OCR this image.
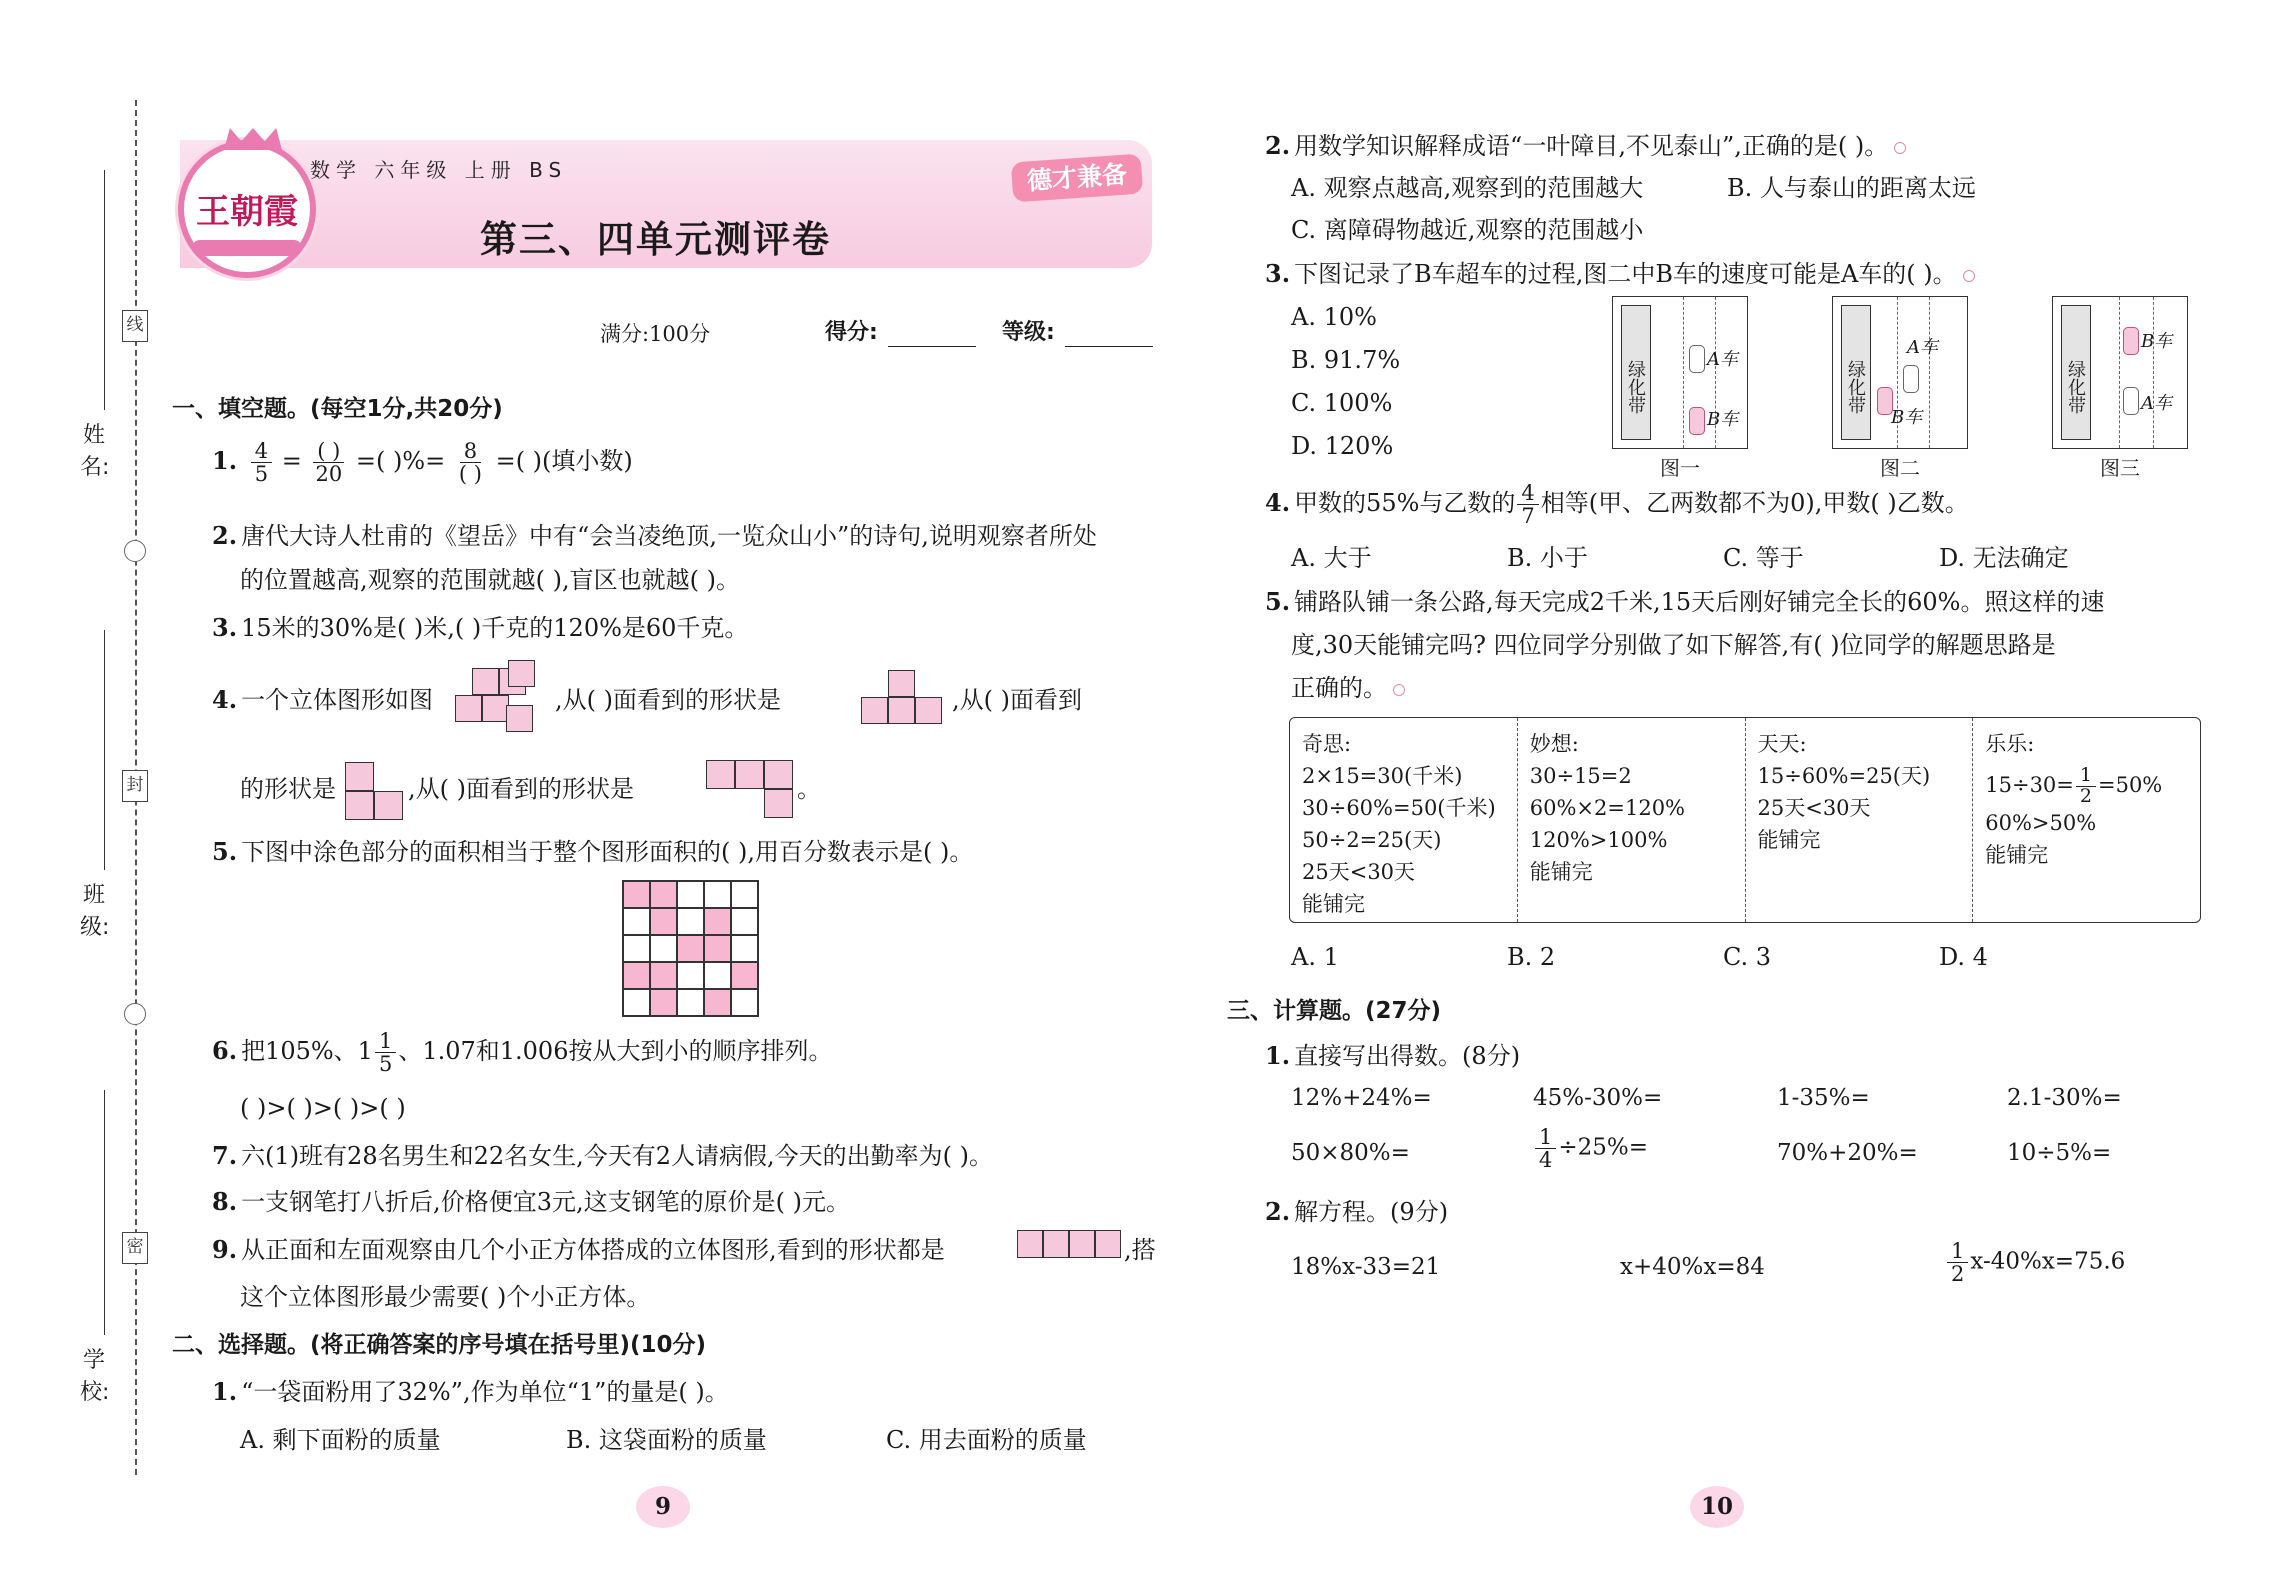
线
封
密
姓 名:
班 级:
学 校:
王朝霞
数学 六年级 上册 BS
第三、四单元测评卷
德才兼备
满分:100分	得分:	等级:
一、填空题。(每空1分,共20分)
1. $\frac{4}{5} = \frac{( )}{20}$ =( )%= $\frac{8}{( )}$ =( )(填小数)
2. 唐代大诗人杜甫的《望岳》中有“会当凌绝顶,一览众山小”的诗句,说明观察者所处
的位置越高,观察的范围就越( ),盲区也就越( )。
3. 15米的30%是( )米,( )千克的120%是60千克。
4. 一个立体图形如图	,从( )面看到的形状是	,从( )面看到
的形状是	,从( )面看到的形状是	。
5. 下图中涂色部分的面积相当于整个图形面积的( ),用百分数表示是( )。
6. 把105%、$1 \frac{1}{5}$ 、1.07和1.006按从大到小的顺序排列。
( )>( )>( )>( )
7. 六(1)班有28名男生和22名女生,今天有2人请病假,今天的出勤率为( )。
8. 一支钢笔打八折后,价格便宜3元,这支钢笔的原价是( )元。
9. 从正面和左面观察由几个小正方体搭成的立体图形,看到的形状都是	,搭
这个立体图形最少需要( )个小正方体。
二、选择题。(将正确答案的序号填在括号里)(10分)
1. “一袋面粉用了32%”,作为单位“1”的量是( )。
A. 剩下面粉的质量	B. 这袋面粉的质量	C. 用去面粉的质量
9
2. 用数学知识解释成语“一叶障目,不见泰山”,正确的是( )。
A. 观察点越高,观察到的范围越大	B. 人与泰山的距离太远
C. 离障碍物越近,观察的范围越小
3. 下图记录了B车超车的过程,图二中B车的速度可能是A车的( )。
A. 10%
B. 91.7%
C. 100%
D. 120%
绿化带	A车
B车
绿化带
A车
B车
绿化带
B车
A车
图一	图二	图三
4. 甲数的55%与乙数的 $\frac{4}{7}$ 相等(甲、乙两数都不为0),甲数( )乙数。
A. 大于	B. 小于	C. 等于	D. 无法确定
5. 铺路队铺一条公路,每天完成2千米,15天后刚好铺完全长的60%。照这样的速
度,30天能铺完吗? 四位同学分别做了如下解答,有( )位同学的解题思路是
正确的。
奇思:
2×15=30(千米)
30÷60%=50(千米)
50÷2=25(天)
25天<30天
能铺完
妙想:
30÷15=2
60%×2=120%
120%>100%
能铺完
天天:
15÷60%=25(天)
25天<30天
能铺完
乐乐:
$15\div 30= \frac{1}{2} =50\%$
60%>50%
能铺完
A. 1	B. 2	C. 3	D. 4
三、计算题。(27分)
1. 直接写出得数。(8分)
12%+24%=	45%-30%=	1-35%=	2.1-30%=
50×80%=	$\frac{1}{4} \div 25\%=$	70%+20%=	10÷5%=
2. 解方程。(9分)
18%x-33=21	x+40%x=84	$\frac{1}{2} x-40\%x=75.6$
10
